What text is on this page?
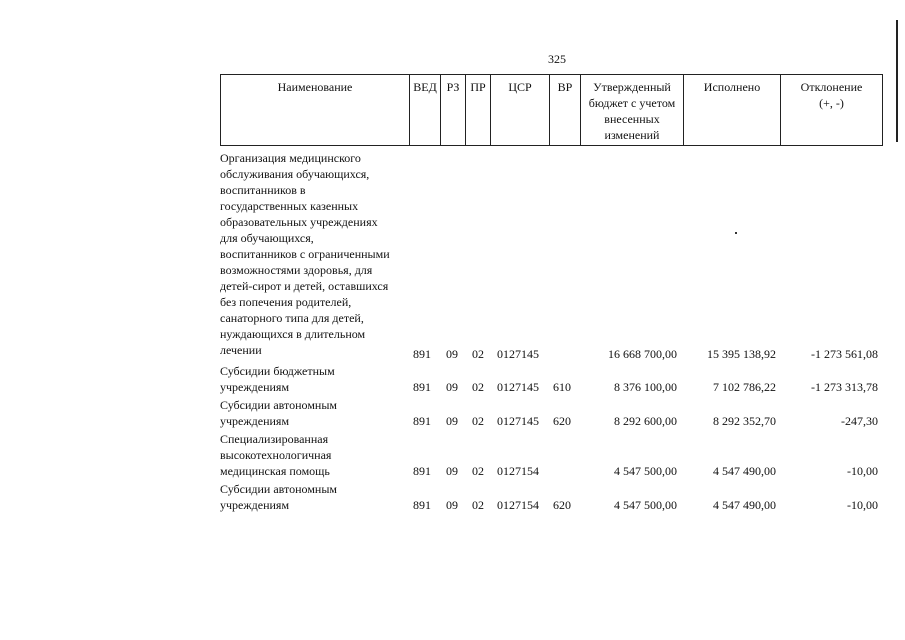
325
Наименование	ВЕД РЗ ПР	ЦСР	ВР	Утвержденный
бюджет с учетом
внесенных
изменений
Исполнено	Отклонение
(+, -)
Организация медицинского
обслуживания обучающихся,
воспитанников в
государственных казенных
образовательных учреждениях
для обучающихся,
воспитанников с ограниченными
возможностями здоровья, для
детей-сирот и детей, оставшихся
без попечения родителей,
санаторного типа для детей,
нуждающихся в длительном
лечении	891 09 02 0127145	16 668 700,00	15 395 138,92	-1 273 561,08
Субсидии бюджетным
учреждениям	891 09 02 0127145 610	8 376 100,00	7 102 786,22	-1 273 313,78
Субсидии автономным
учреждениям	891 09 02 0127145 620	8 292 600,00	8 292 352,70	-247,30
Специализированная
высокотехнологичная
медицинская помощь	891 09 02 0127154	4 547 500,00	4 547 490,00	-10,00
Субсидии автономным
учреждениям	891 09 02 0127154 620	4 547 500,00	4 547 490,00	-10,00
